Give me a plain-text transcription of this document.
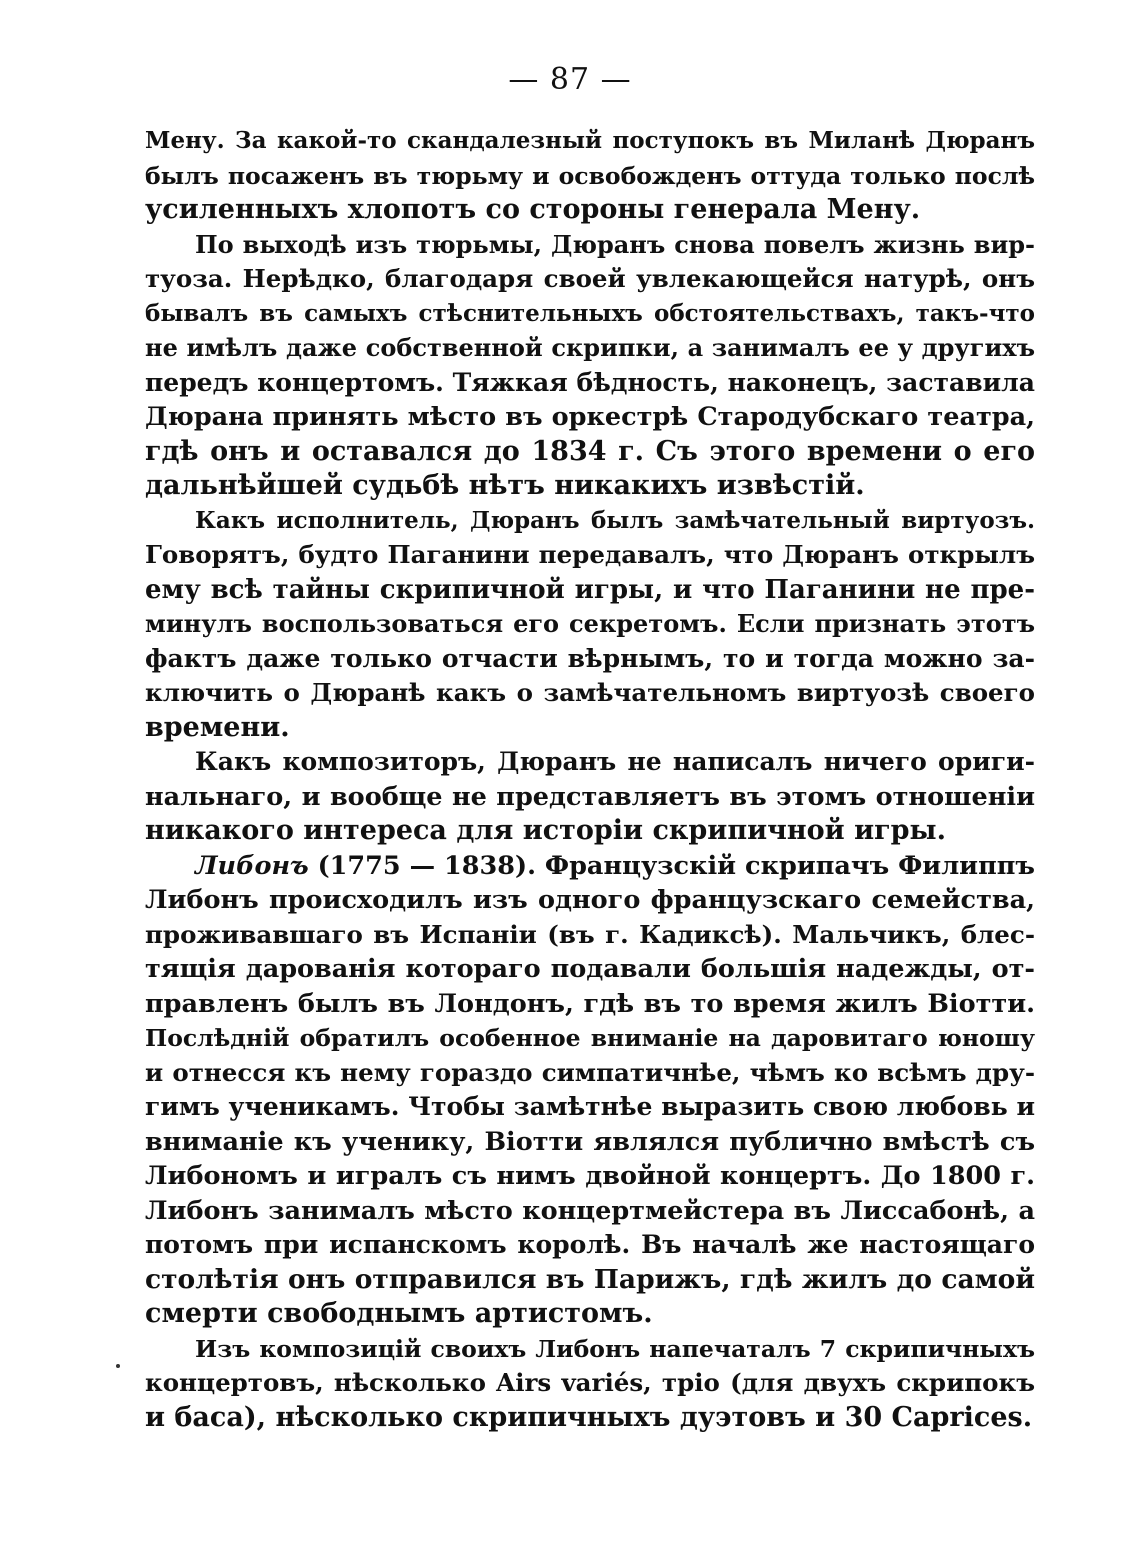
— 87 —
Мену. За какой-то скандалезный поступокъ въ Миланѣ Дюранъ
былъ посаженъ въ тюрьму и освобожденъ оттуда только послѣ
усиленныхъ хлопотъ со стороны генерала Мену.
По выходѣ изъ тюрьмы, Дюранъ снова повелъ жизнь вир-
туоза. Нерѣдко, благодаря своей увлекающейся натурѣ, онъ
бывалъ въ самыхъ стѣснительныхъ обстоятельствахъ, такъ-что
не имѣлъ даже собственной скрипки, а занималъ ее у другихъ
передъ концертомъ. Тяжкая бѣдность, наконецъ, заставила
Дюрана принять мѣсто въ оркестрѣ Стародубскаго театра,
гдѣ онъ и оставался до 1834 г. Съ этого времени о его
дальнѣйшей судьбѣ нѣтъ никакихъ извѣстій.
Какъ исполнитель, Дюранъ былъ замѣчательный виртуозъ.
Говорятъ, будто Паганини передавалъ, что Дюранъ открылъ
ему всѣ тайны скрипичной игры, и что Паганини не пре-
минулъ воспользоваться его секретомъ. Если признать этотъ
фактъ даже только отчасти вѣрнымъ, то и тогда можно за-
ключить о Дюранѣ какъ о замѣчательномъ виртуозѣ своего
времени.
Какъ композиторъ, Дюранъ не написалъ ничего ориги-
нальнаго, и вообще не представляетъ въ этомъ отношеніи
никакого интереса для исторіи скрипичной игры.
Либонъ (1775 — 1838). Французскій скрипачъ Филиппъ
Либонъ происходилъ изъ одного французскаго семейства,
проживавшаго въ Испаніи (въ г. Кадиксѣ). Мальчикъ, блес-
тящія дарованія котораго подавали большія надежды, от-
правленъ былъ въ Лондонъ, гдѣ въ то время жилъ Віотти.
Послѣдній обратилъ особенное вниманіе на даровитаго юношу
и отнесся къ нему гораздо симпатичнѣе, чѣмъ ко всѣмъ дру-
гимъ ученикамъ. Чтобы замѣтнѣе выразить свою любовь и
вниманіе къ ученику, Віотти являлся публично вмѣстѣ съ
Либономъ и игралъ съ нимъ двойной концертъ. До 1800 г.
Либонъ занималъ мѣсто концертмейстера въ Лиссабонѣ, а
потомъ при испанскомъ королѣ. Въ началѣ же настоящаго
столѣтія онъ отправился въ Парижъ, гдѣ жилъ до самой
смерти свободнымъ артистомъ.
Изъ композицій своихъ Либонъ напечаталъ 7 скрипичныхъ
концертовъ, нѣсколько Airs variés, тріо (для двухъ скрипокъ
и баса), нѣсколько скрипичныхъ дуэтовъ и 30 Caprices.
